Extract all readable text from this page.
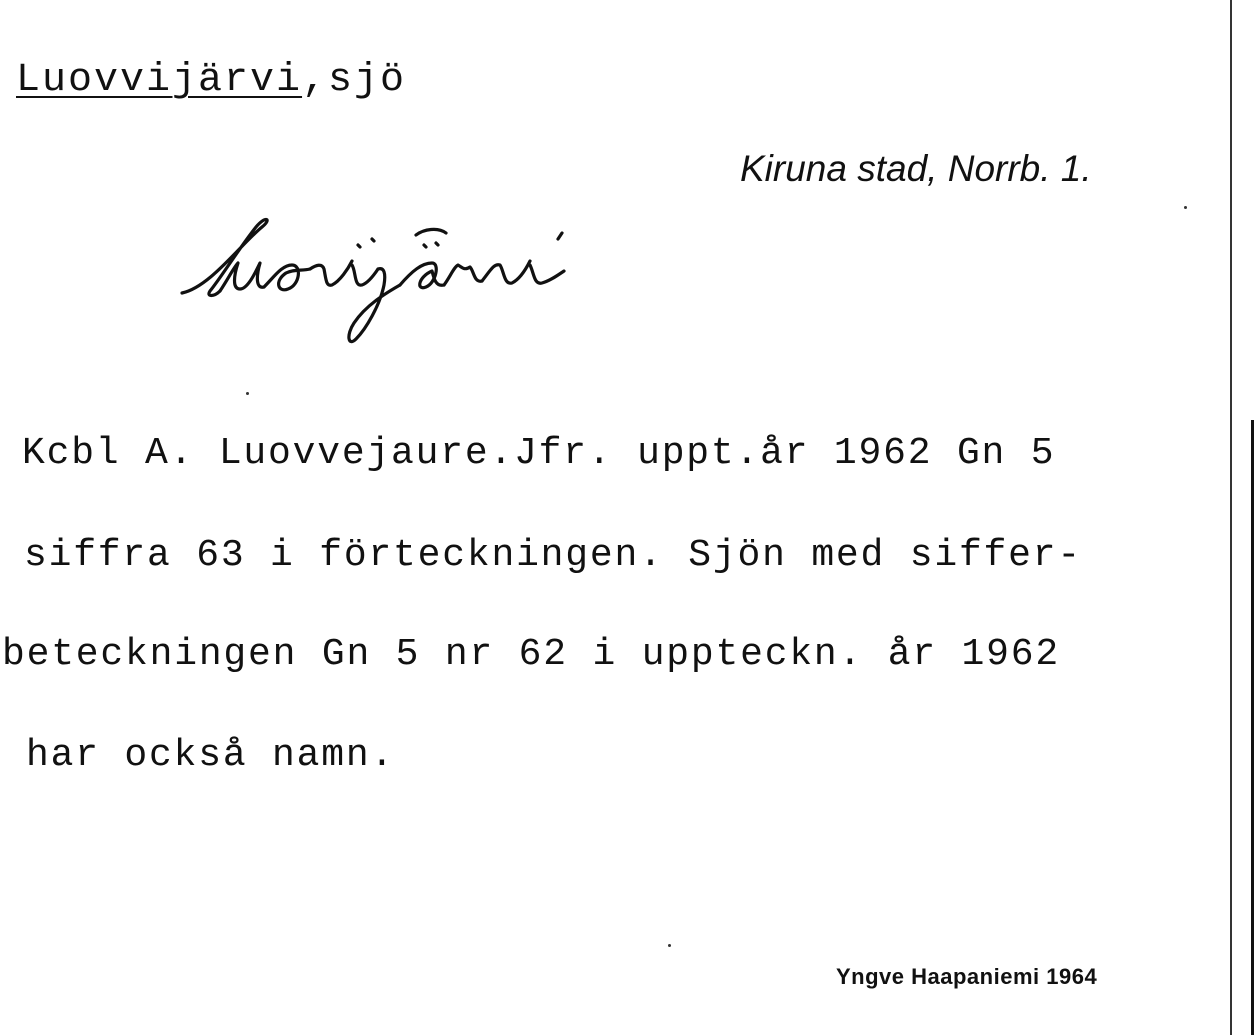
Luovvijärvi,sjö
Kiruna stad, Norrb. 1.
Kcbl A. Luovvejaure.Jfr. uppt.år 1962 Gn 5
siffra 63 i förteckningen. Sjön med siffer-
beteckningen Gn 5 nr 62 i uppteckn. år 1962
har också namn.
Yngve Haapaniemi 1964
